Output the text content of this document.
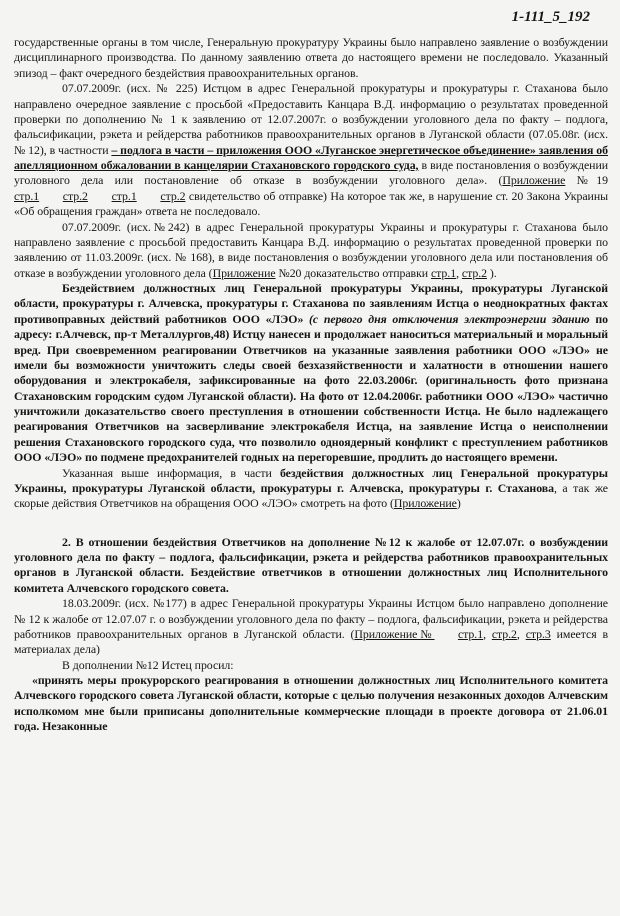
1-111_5_192

государственные органы в том числе, Генеральную прокуратуру Украины было направлено заявление о возбуждении дисциплинарного производства. По данному заявлению ответа до настоящего времени не последовало. Указанный эпизод – факт очередного бездействия правоохранительных органов.

07.07.2009г. (исх. № 225) Истцом в адрес Генеральной прокуратуры и прокуратуры г. Стаханова было направлено очередное заявление с просьбой «Предоставить Канцара В.Д. информацию о результатах проведенной проверки по дополнению № 1 к заявлению от 12.07.2007г. о возбуждении уголовного дела по факту – подлога, фальсификации, рэкета и рейдерства работников правоохранительных органов в Луганской области (07.05.08г. (исх. № 12), в частности – подлога в части – приложения ООО «Луганское энергетическое объединение» заявления об апелляционном обжаловании в канцелярии Стахановского городского суда, в виде постановления о возбуждении уголовного дела или постановление об отказе в возбуждении уголовного дела». (Приложение №19 стр.1 стр.2 стр.1 стр.2 свидетельство об отправке) На которое так же, в нарушение ст. 20 Закона Украины «Об обращения граждан» ответа не последовало.

07.07.2009г. (исх.№242) в адрес Генеральной прокуратуры Украины и прокуратуры г. Стаханова было направлено заявление с просьбой предоставить Канцара В.Д. информацию о результатах проведенной проверки по заявлению от 11.03.2009г. (исх. № 168), в виде постановления о возбуждении уголовного дела или постановления об отказе в возбуждении уголовного дела (Приложение №20 доказательство отправки стр.1, стр.2 ).

Бездействием должностных лиц Генеральной прокуратуры Украины, прокуратуры Луганской области, прокуратуры г. Алчевска, прокуратуры г. Стаханова по заявлениям Истца о неоднократных фактах противоправных действий работников ООО «ЛЭО» (с первого дня отключения электроэнергии зданию по адресу: г.Алчевск, пр-т Металлургов,48) Истцу нанесен и продолжает наноситься материальный и моральный вред. При своевременном реагировании Ответчиков на указанные заявления работники ООО «ЛЭО» не имели бы возможности уничтожить следы своей безхазяйственности и халатности в отношении нашего оборудования и электрокабеля, зафиксированные на фото 22.03.2006г. (оригинальность фото признана Стахановским городским судом Луганской области). На фото от 12.04.2006г. работники ООО «ЛЭО» частично уничтожили доказательство своего преступления в отношении собственности Истца. Не было надлежащего реагирования Ответчиков на засверливание электрокабеля Истца, на заявление Истца о неисполнении решения Стахановского городского суда, что позволило одноядерный конфликт с преступлением работников ООО «ЛЭО» по подмене предохранителей годных на перегоревшие, продлить до настоящего времени.

Указанная выше информация, в части бездействия должностных лиц Генеральной прокуратуры Украины, прокуратуры Луганской области, прокуратуры г. Алчевска, прокуратуры г. Стаханова, а так же скорые действия Ответчиков на обращения ООО «ЛЭО» смотреть на фото (Приложение)

2. В отношении бездействия Ответчиков на дополнение №12 к жалобе от 12.07.07г. о возбуждении уголовного дела по факту – подлога, фальсификации, рэкета и рейдерства работников правоохранительных органов в Луганской области. Бездействие ответчиков в отношении должностных лиц Исполнительного комитета Алчевского городского совета.

18.03.2009г. (исх. №177) в адрес Генеральной прокуратуры Украины Истцом было направлено дополнение № 12 к жалобе от 12.07.07 г. о возбуждении уголовного дела по факту – подлога, фальсификации, рэкета и рейдерства работников правоохранительных органов в Луганской области. (Приложение№ стр.1, стр.2, стр.3 имеется в материалах дела)

В дополнении №12 Истец просил:

«принять меры прокурорского реагирования в отношении должностных лиц Исполнительного комитета Алчевского городского совета Луганской области, которые с целью получения незаконных доходов Алчевским исполкомом мне были приписаны дополнительные коммерческие площади в проекте договора от 21.06.01 года. Незаконные
